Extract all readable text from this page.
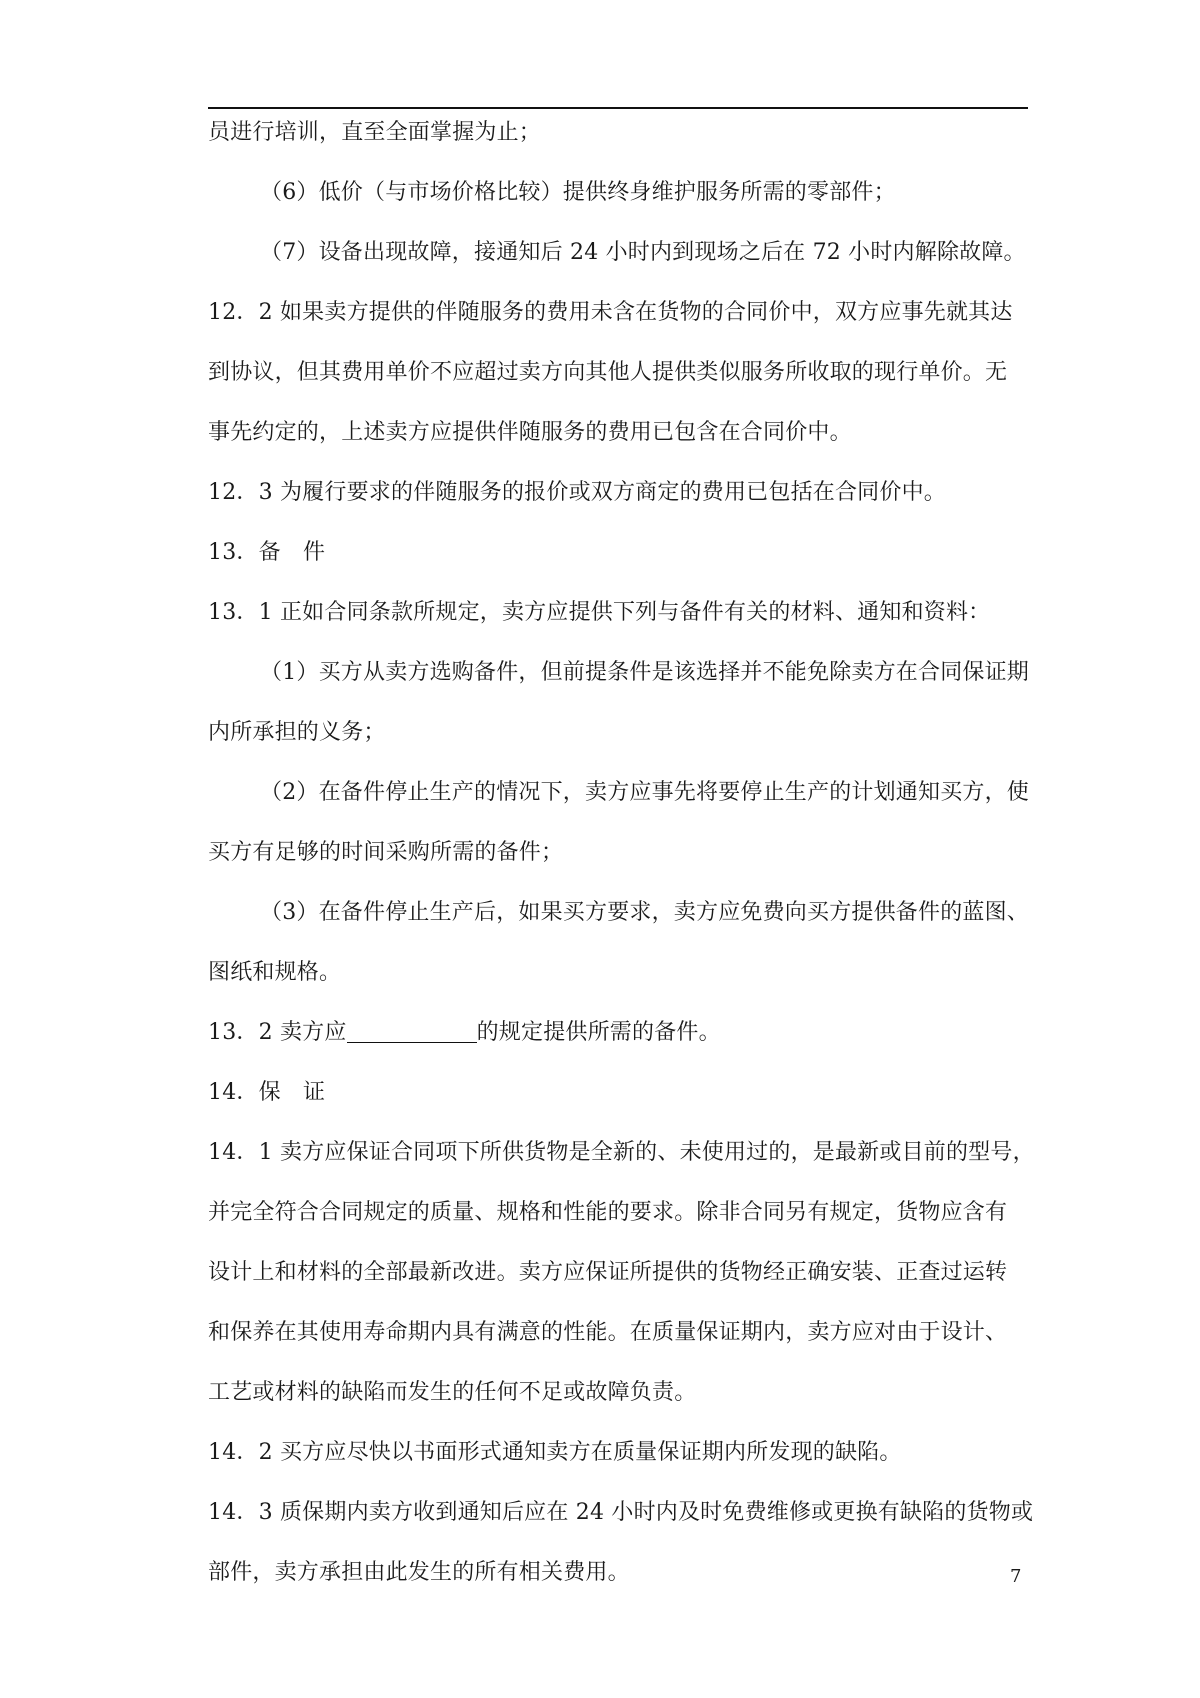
员进行培训，直至全面掌握为止；
（6）低价（与市场价格比较）提供终身维护服务所需的零部件；
（7）设备出现故障，接通知后 24 小时内到现场之后在 72 小时内解除故障。
12．2 如果卖方提供的伴随服务的费用未含在货物的合同价中，双方应事先就其达
到协议，但其费用单价不应超过卖方向其他人提供类似服务所收取的现行单价。无
事先约定的，上述卖方应提供伴随服务的费用已包含在合同价中。
12．3 为履行要求的伴随服务的报价或双方商定的费用已包括在合同价中。
13．备　件
13．1 正如合同条款所规定，卖方应提供下列与备件有关的材料、通知和资料：
（1）买方从卖方选购备件，但前提条件是该选择并不能免除卖方在合同保证期
内所承担的义务；
（2）在备件停止生产的情况下，卖方应事先将要停止生产的计划通知买方，使
买方有足够的时间采购所需的备件；
（3）在备件停止生产后，如果买方要求，卖方应免费向买方提供备件的蓝图、
图纸和规格。
13．2 卖方应	的规定提供所需的备件。
14．保　证
14．1 卖方应保证合同项下所供货物是全新的、未使用过的，是最新或目前的型号，
并完全符合合同规定的质量、规格和性能的要求。除非合同另有规定，货物应含有
设计上和材料的全部最新改进。卖方应保证所提供的货物经正确安装、正查过运转
和保养在其使用寿命期内具有满意的性能。在质量保证期内，卖方应对由于设计、
工艺或材料的缺陷而发生的任何不足或故障负责。
14．2 买方应尽快以书面形式通知卖方在质量保证期内所发现的缺陷。
14．3 质保期内卖方收到通知后应在 24 小时内及时免费维修或更换有缺陷的货物或
部件，卖方承担由此发生的所有相关费用。	7
